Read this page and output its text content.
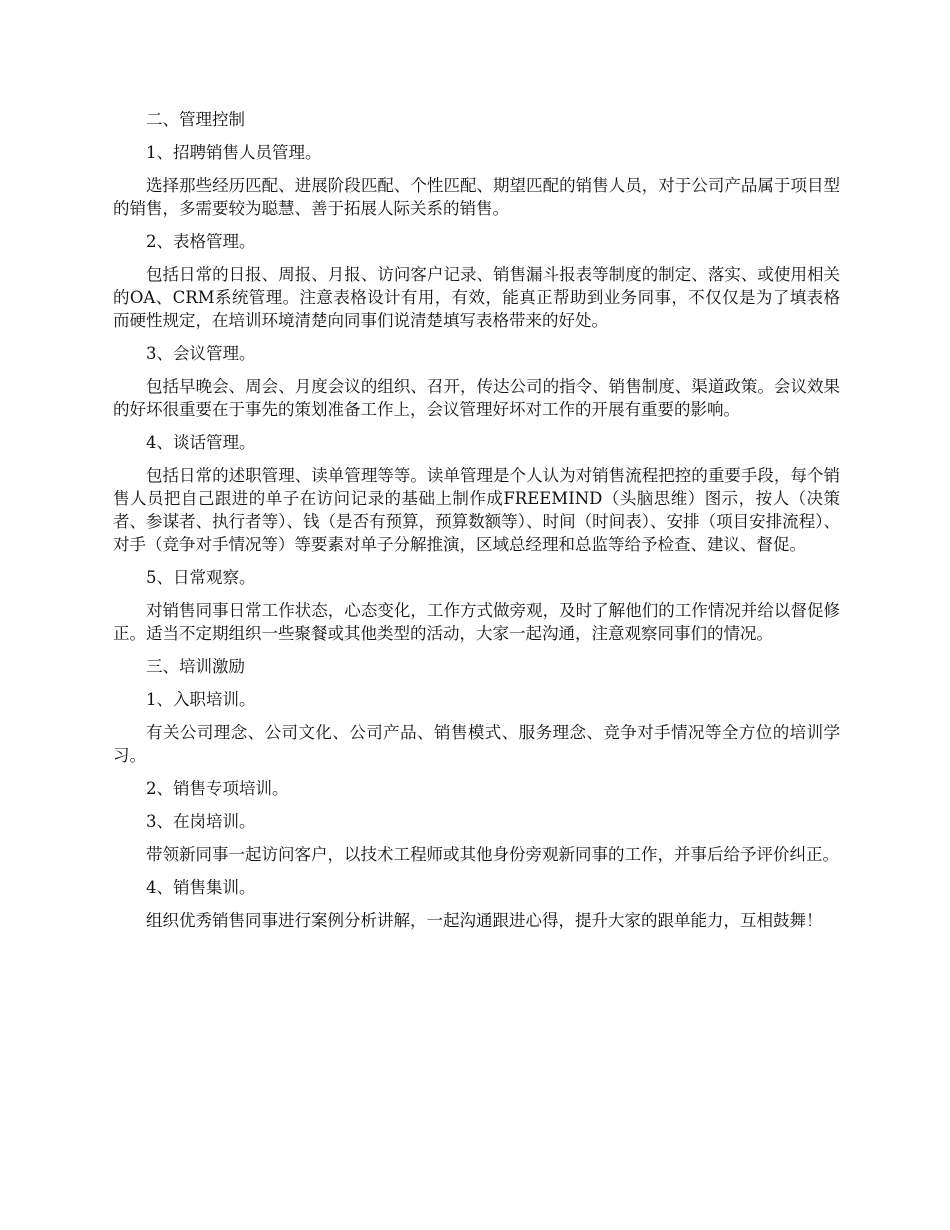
二、管理控制

1、招聘销售人员管理。

选择那些经历匹配、进展阶段匹配、个性匹配、期望匹配的销售人员，对于公司产品属于项目型的销售，多需要较为聪慧、善于拓展人际关系的销售。

2、表格管理。

包括日常的日报、周报、月报、访问客户记录、销售漏斗报表等制度的制定、落实、或使用相关的OA、CRM系统管理。注意表格设计有用，有效，能真正帮助到业务同事，不仅仅是为了填表格而硬性规定，在培训环境清楚向同事们说清楚填写表格带来的好处。

3、会议管理。

包括早晚会、周会、月度会议的组织、召开，传达公司的指令、销售制度、渠道政策。会议效果的好坏很重要在于事先的策划准备工作上，会议管理好坏对工作的开展有重要的影响。

4、谈话管理。

包括日常的述职管理、读单管理等等。读单管理是个人认为对销售流程把控的重要手段，每个销售人员把自己跟进的单子在访问记录的基础上制作成FREEMIND（头脑思维）图示，按人（决策者、参谋者、执行者等）、钱（是否有预算，预算数额等）、时间（时间表）、安排（项目安排流程）、对手（竞争对手情况等）等要素对单子分解推演，区域总经理和总监等给予检查、建议、督促。

5、日常观察。

对销售同事日常工作状态，心态变化，工作方式做旁观，及时了解他们的工作情况并给以督促修正。适当不定期组织一些聚餐或其他类型的活动，大家一起沟通，注意观察同事们的情况。

三、培训激励

1、入职培训。

有关公司理念、公司文化、公司产品、销售模式、服务理念、竞争对手情况等全方位的培训学习。

2、销售专项培训。

3、在岗培训。

带领新同事一起访问客户，以技术工程师或其他身份旁观新同事的工作，并事后给予评价纠正。

4、销售集训。

组织优秀销售同事进行案例分析讲解，一起沟通跟进心得，提升大家的跟单能力，互相鼓舞！
